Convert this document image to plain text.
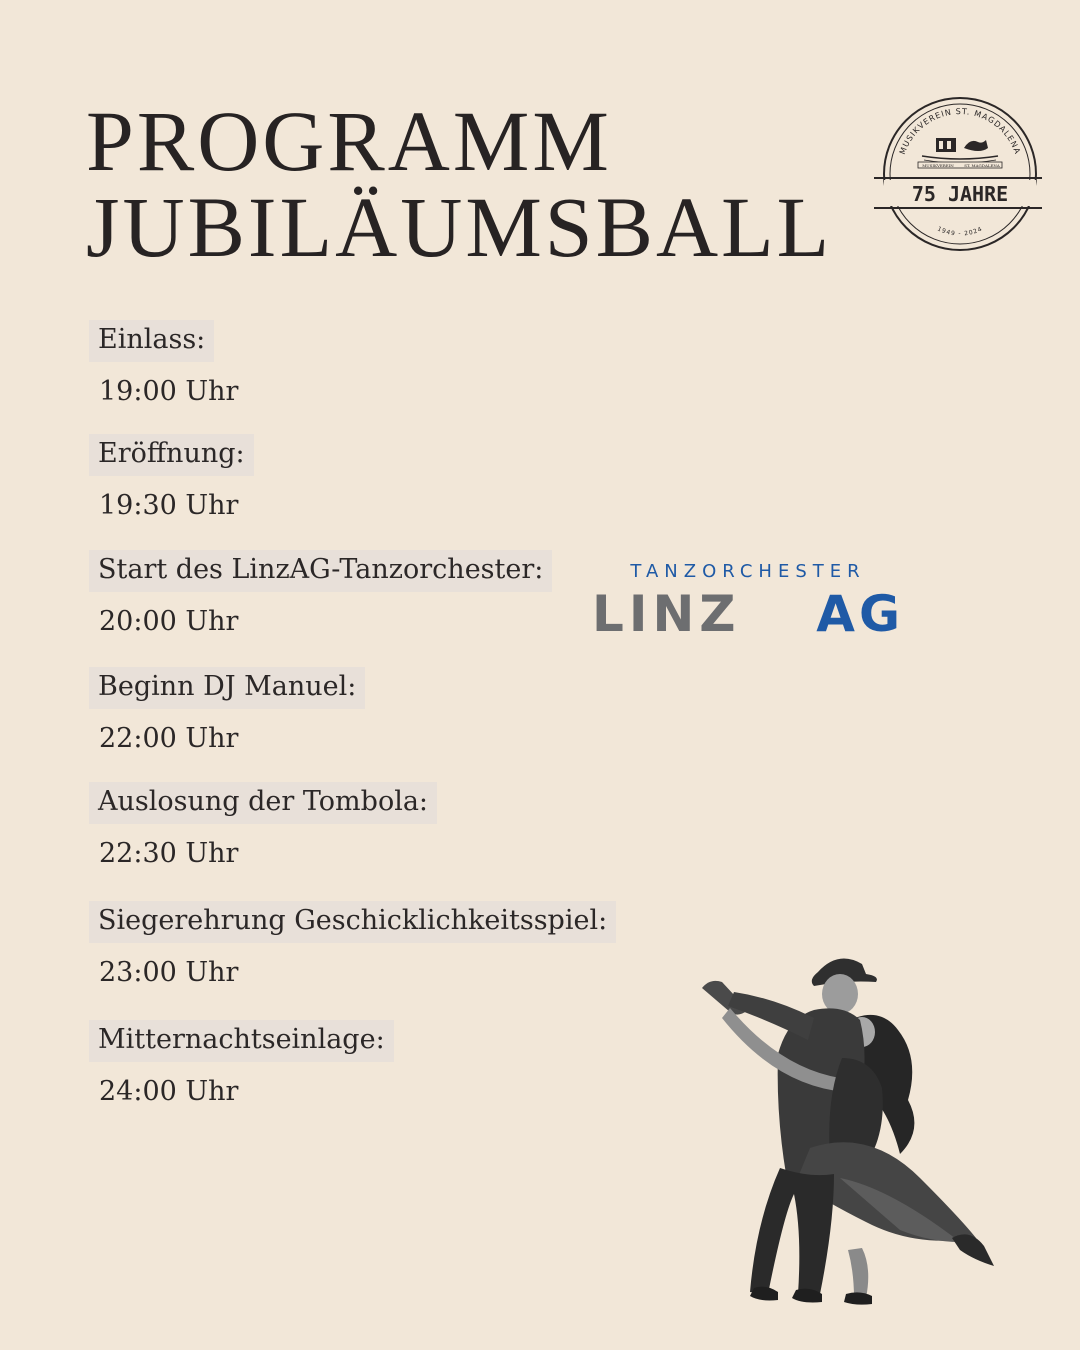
PROGRAMM
JUBILÄUMSBALL
MUSIKVEREIN ST. MAGDALENA
MUSIKVEREIN	ST. MAGDALENA
75 JAHRE
1949 - 2024
TANZORCHESTER
LINZ AG
Einlass:
19:00 Uhr
Eröffnung:
19:30 Uhr
Start des LinzAG-Tanzorchester:
20:00 Uhr
Beginn DJ Manuel:
22:00 Uhr
Auslosung der Tombola:
22:30 Uhr
Siegerehrung Geschicklichkeitsspiel:
23:00 Uhr
Mitternachtseinlage:
24:00 Uhr
